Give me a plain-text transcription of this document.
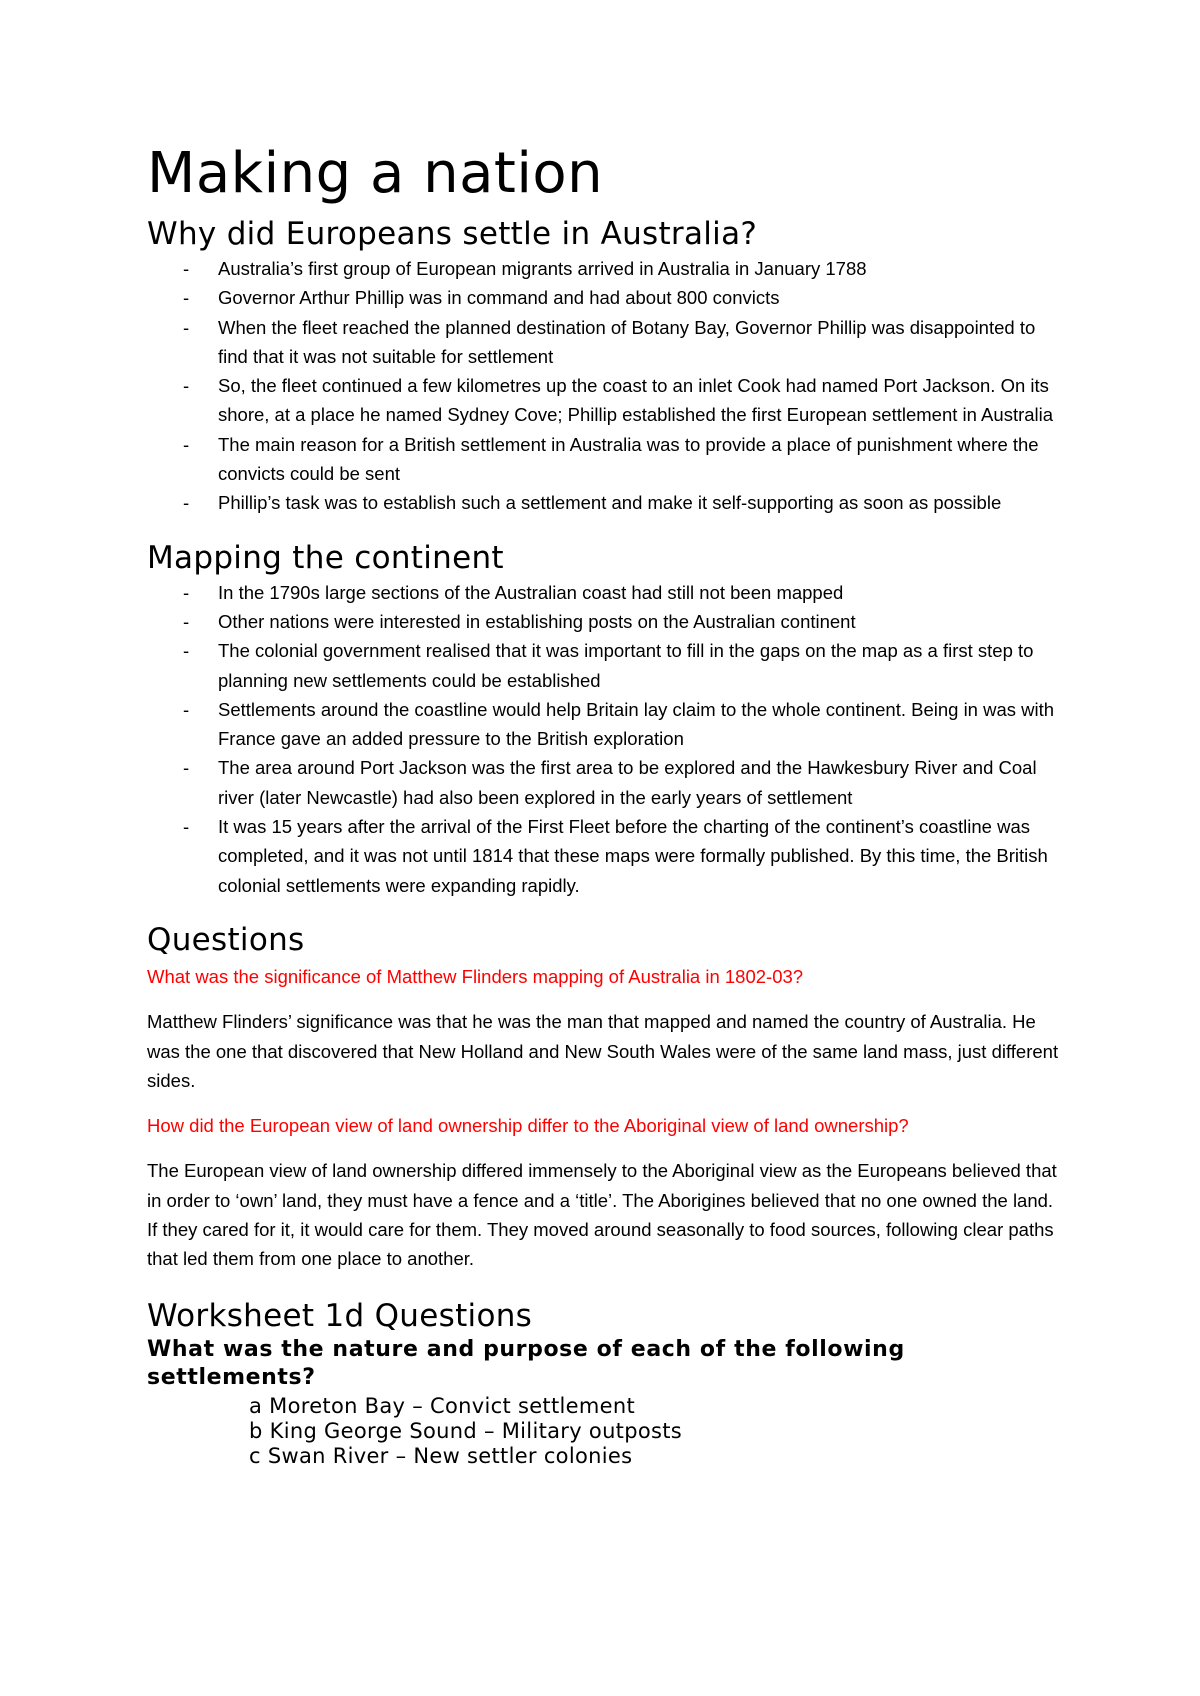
Making a nation
Why did Europeans settle in Australia?
- Australia’s first group of European migrants arrived in Australia in January 1788
- Governor Arthur Phillip was in command and had about 800 convicts
- When the fleet reached the planned destination of Botany Bay, Governor Phillip was disappointed to find that it was not suitable for settlement
- So, the fleet continued a few kilometres up the coast to an inlet Cook had named Port Jackson. On its shore, at a place he named Sydney Cove; Phillip established the first European settlement in Australia
- The main reason for a British settlement in Australia was to provide a place of punishment where the convicts could be sent
- Phillip’s task was to establish such a settlement and make it self-supporting as soon as possible
Mapping the continent
- In the 1790s large sections of the Australian coast had still not been mapped
- Other nations were interested in establishing posts on the Australian continent
- The colonial government realised that it was important to fill in the gaps on the map as a first step to planning new settlements could be established
- Settlements around the coastline would help Britain lay claim to the whole continent. Being in was with France gave an added pressure to the British exploration
- The area around Port Jackson was the first area to be explored and the Hawkesbury River and Coal river (later Newcastle) had also been explored in the early years of settlement
- It was 15 years after the arrival of the First Fleet before the charting of the continent’s coastline was completed, and it was not until 1814 that these maps were formally published. By this time, the British colonial settlements were expanding rapidly.
Questions

What was the significance of Matthew Flinders mapping of Australia in 1802-03?

Matthew Flinders’ significance was that he was the man that mapped and named the country of Australia. He was the one that discovered that New Holland and New South Wales were of the same land mass, just different sides.

How did the European view of land ownership differ to the Aboriginal view of land ownership?

The European view of land ownership differed immensely to the Aboriginal view as the Europeans believed that in order to ‘own’ land, they must have a fence and a ‘title’. The Aborigines believed that no one owned the land. If they cared for it, it would care for them. They moved around seasonally to food sources, following clear paths that led them from one place to another.

Worksheet 1d Questions
What was the nature and purpose of each of the following settlements?
a Moreton Bay – Convict settlement
b King George Sound – Military outposts
c Swan River – New settler colonies
